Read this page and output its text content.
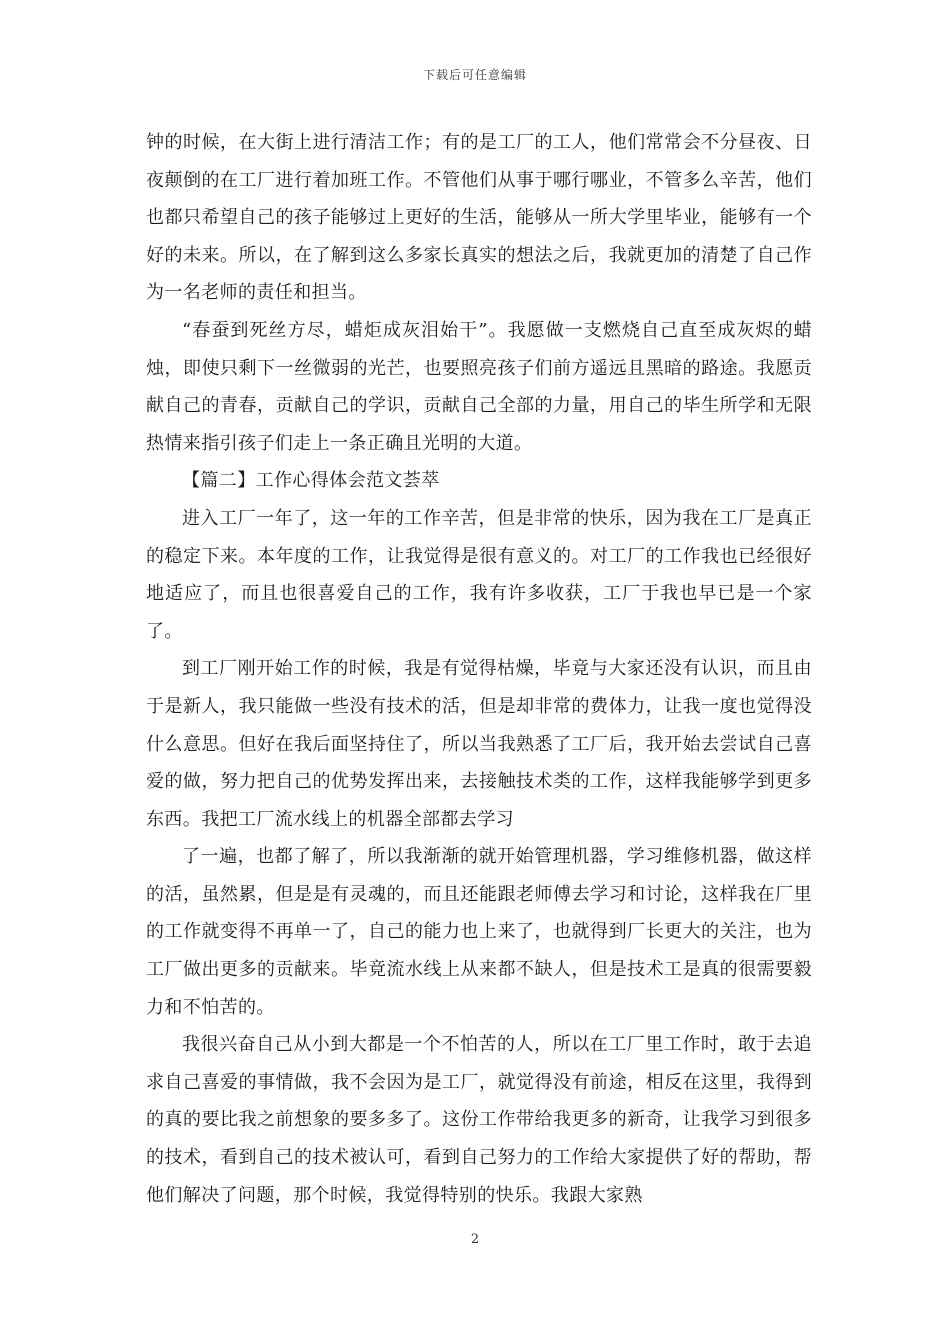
下载后可任意编辑

钟的时候，在大街上进行清洁工作；有的是工厂的工人，他们常常会不分昼夜、日夜颠倒的在工厂进行着加班工作。不管他们从事于哪行哪业，不管多么辛苦，他们也都只希望自己的孩子能够过上更好的生活，能够从一所大学里毕业，能够有一个好的未来。所以，在了解到这么多家长真实的想法之后，我就更加的清楚了自己作为一名老师的责任和担当。

“春蚕到死丝方尽，蜡炬成灰泪始干”。我愿做一支燃烧自己直至成灰烬的蜡烛，即使只剩下一丝微弱的光芒，也要照亮孩子们前方遥远且黑暗的路途。我愿贡献自己的青春，贡献自己的学识，贡献自己全部的力量，用自己的毕生所学和无限热情来指引孩子们走上一条正确且光明的大道。

【篇二】工作心得体会范文荟萃

进入工厂一年了，这一年的工作辛苦，但是非常的快乐，因为我在工厂是真正的稳定下来。本年度的工作，让我觉得是很有意义的。对工厂的工作我也已经很好地适应了，而且也很喜爱自己的工作，我有许多收获，工厂于我也早已是一个家了。

到工厂刚开始工作的时候，我是有觉得枯燥，毕竟与大家还没有认识，而且由于是新人，我只能做一些没有技术的活，但是却非常的费体力，让我一度也觉得没什么意思。但好在我后面坚持住了，所以当我熟悉了工厂后，我开始去尝试自己喜爱的做，努力把自己的优势发挥出来，去接触技术类的工作，这样我能够学到更多东西。我把工厂流水线上的机器全部都去学习

了一遍，也都了解了，所以我渐渐的就开始管理机器，学习维修机器，做这样的活，虽然累，但是是有灵魂的，而且还能跟老师傅去学习和讨论，这样我在厂里的工作就变得不再单一了，自己的能力也上来了，也就得到厂长更大的关注，也为工厂做出更多的贡献来。毕竟流水线上从来都不缺人，但是技术工是真的很需要毅力和不怕苦的。

我很兴奋自己从小到大都是一个不怕苦的人，所以在工厂里工作时，敢于去追求自己喜爱的事情做，我不会因为是工厂，就觉得没有前途，相反在这里，我得到的真的要比我之前想象的要多多了。这份工作带给我更多的新奇，让我学习到很多的技术，看到自己的技术被认可，看到自己努力的工作给大家提供了好的帮助，帮他们解决了问题，那个时候，我觉得特别的快乐。我跟大家熟

2
